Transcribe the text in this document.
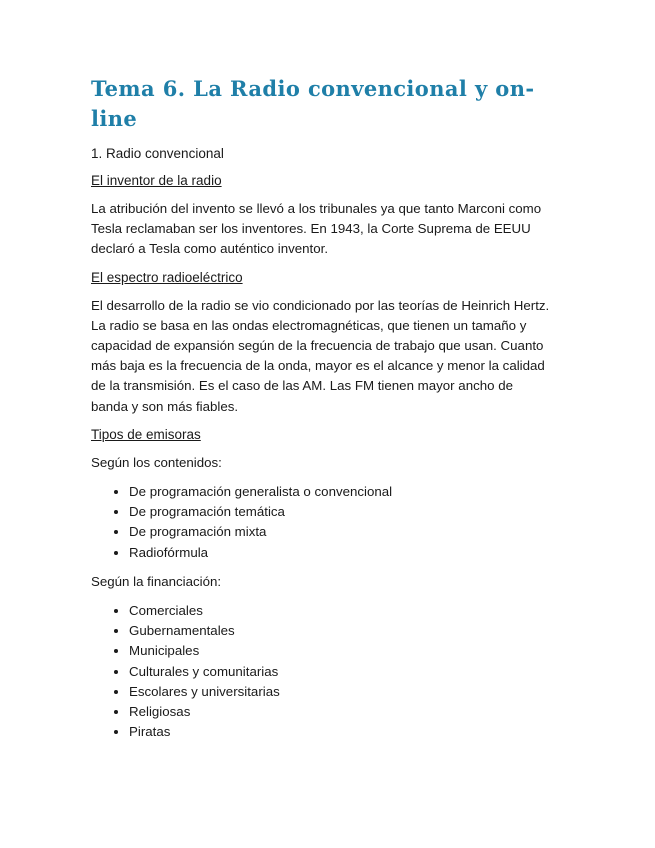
Tema 6. La Radio convencional y on-line
1. Radio convencional
El inventor de la radio

La atribución del invento se llevó a los tribunales ya que tanto Marconi como Tesla reclamaban ser los inventores. En 1943, la Corte Suprema de EEUU declaró a Tesla como auténtico inventor.

El espectro radioeléctrico

El desarrollo de la radio se vio condicionado por las teorías de Heinrich Hertz. La radio se basa en las ondas electromagnéticas, que tienen un tamaño y capacidad de expansión según de la frecuencia de trabajo que usan. Cuanto más baja es la frecuencia de la onda, mayor es el alcance y menor la calidad de la transmisión. Es el caso de las AM. Las FM tienen mayor ancho de banda y son más fiables.

Tipos de emisoras

Según los contenidos:

• De programación generalista o convencional
• De programación temática
• De programación mixta
• Radiofórmula

Según la financiación:

• Comerciales
• Gubernamentales
• Municipales
• Culturales y comunitarias
• Escolares y universitarias
• Religiosas
• Piratas
